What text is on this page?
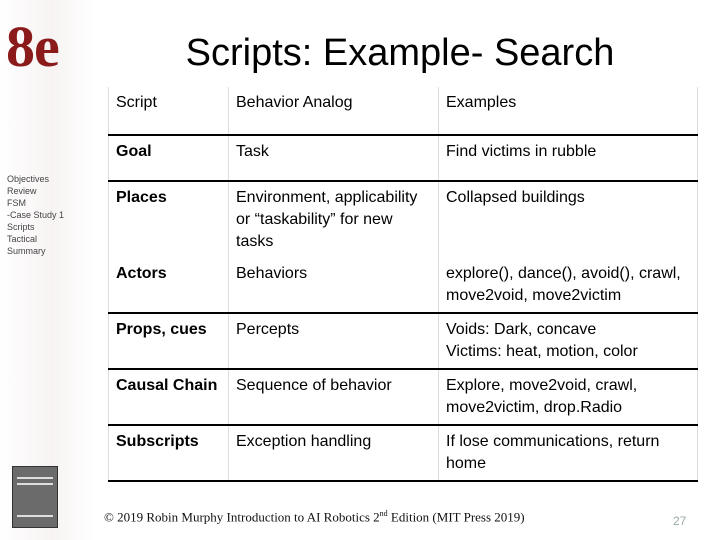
8e
Objectives
Review
FSM
-Case Study 1
Scripts
Tactical
Summary
Scripts: Example- Search
Script	Behavior Analog	Examples
Goal	Task	Find victims in rubble
Places	Environment, applicability or “taskability” for new tasks	Collapsed buildings
Actors	Behaviors	explore(), dance(), avoid(), crawl, move2void, move2victim
Props, cues	Percepts	Voids: Dark, concave
Victims: heat, motion, color

Causal Chain	Sequence of behavior	Explore, move2void, crawl, move2victim, drop.Radio
Subscripts	Exception handling	If lose communications, return home
© 2019 Robin Murphy Introduction to AI Robotics 2nd Edition (MIT Press 2019)	27
